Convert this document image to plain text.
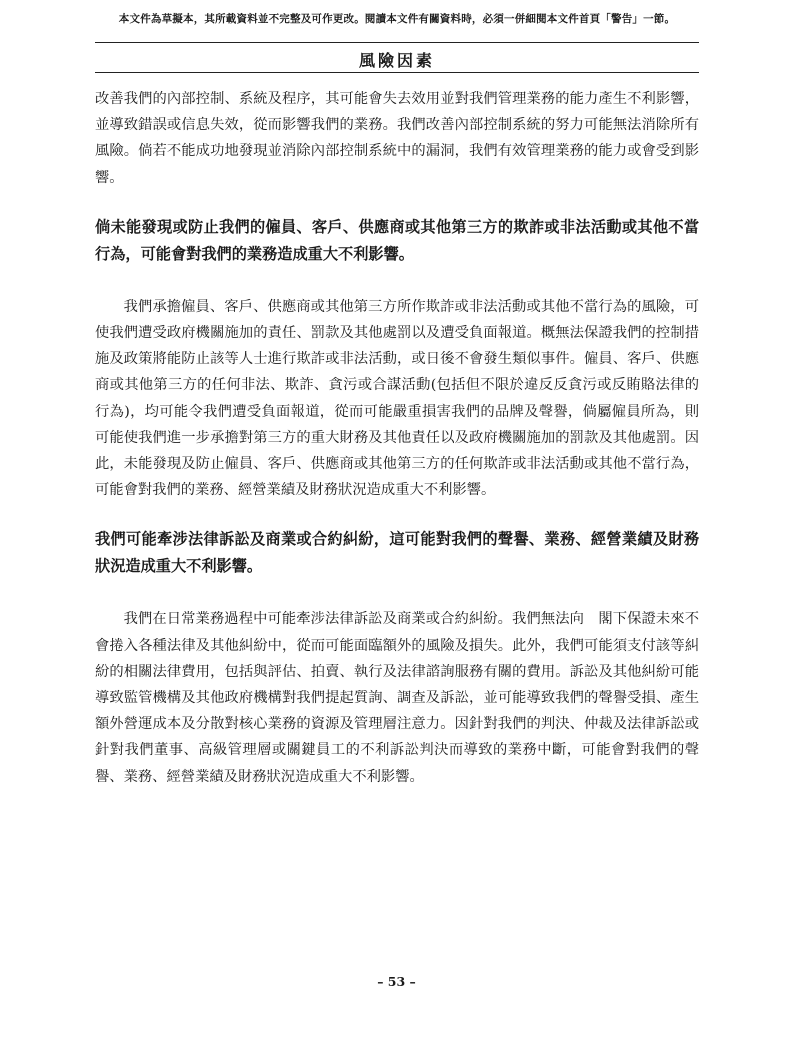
本文件為草擬本，其所載資料並不完整及可作更改。閱讀本文件有關資料時，必須一併細閱本文件首頁「警告」一節。
風險因素

改善我們的內部控制、系統及程序，其可能會失去效用並對我們管理業務的能力產生不利影響，並導致錯誤或信息失效，從而影響我們的業務。我們改善內部控制系統的努力可能無法消除所有風險。倘若不能成功地發現並消除內部控制系統中的漏洞，我們有效管理業務的能力或會受到影響。

倘未能發現或防止我們的僱員、客戶、供應商或其他第三方的欺詐或非法活動或其他不當行為，可能會對我們的業務造成重大不利影響。

我們承擔僱員、客戶、供應商或其他第三方所作欺詐或非法活動或其他不當行為的風險，可使我們遭受政府機關施加的責任、罰款及其他處罰以及遭受負面報道。概無法保證我們的控制措施及政策將能防止該等人士進行欺詐或非法活動，或日後不會發生類似事件。僱員、客戶、供應商或其他第三方的任何非法、欺詐、貪污或合謀活動(包括但不限於違反反貪污或反賄賂法律的行為)，均可能令我們遭受負面報道，從而可能嚴重損害我們的品牌及聲譽，倘屬僱員所為，則可能使我們進一步承擔對第三方的重大財務及其他責任以及政府機關施加的罰款及其他處罰。因此，未能發現及防止僱員、客戶、供應商或其他第三方的任何欺詐或非法活動或其他不當行為，可能會對我們的業務、經營業績及財務狀況造成重大不利影響。

我們可能牽涉法律訴訟及商業或合約糾紛，這可能對我們的聲譽、業務、經營業績及財務狀況造成重大不利影響。

我們在日常業務過程中可能牽涉法律訴訟及商業或合約糾紛。我們無法向　閣下保證未來不會捲入各種法律及其他糾紛中，從而可能面臨額外的風險及損失。此外，我們可能須支付該等糾紛的相關法律費用，包括與評估、拍賣、執行及法律諮詢服務有關的費用。訴訟及其他糾紛可能導致監管機構及其他政府機構對我們提起質詢、調查及訴訟，並可能導致我們的聲譽受損、產生額外營運成本及分散對核心業務的資源及管理層注意力。因針對我們的判決、仲裁及法律訴訟或針對我們董事、高級管理層或關鍵員工的不利訴訟判決而導致的業務中斷，可能會對我們的聲譽、業務、經營業績及財務狀況造成重大不利影響。

– 53 –
